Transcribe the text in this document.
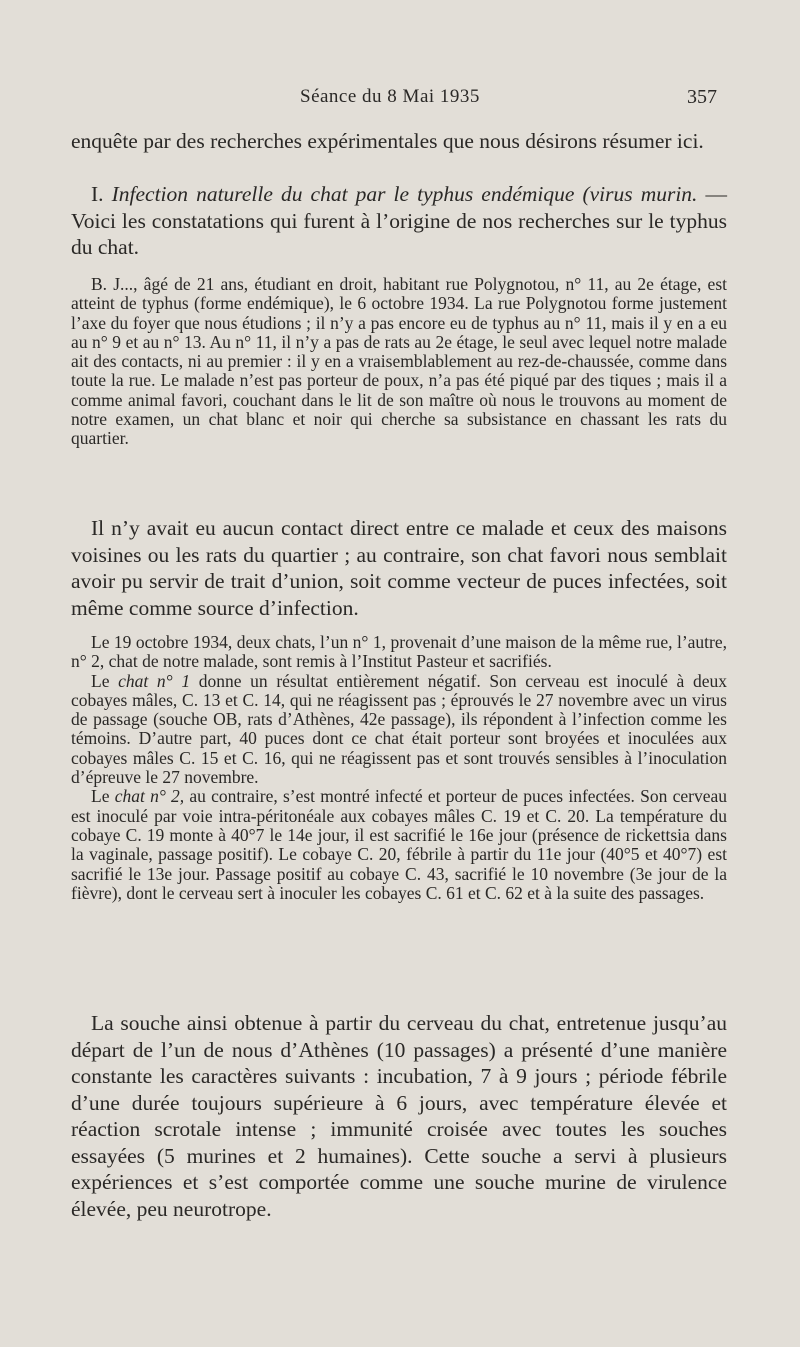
Séance du 8 Mai 1935	357

enquête par des recherches expérimentales que nous désirons résumer ici.

I. Infection naturelle du chat par le typhus endémique (virus murin. — Voici les constatations qui furent à l’origine de nos recherches sur le typhus du chat.

B. J..., âgé de 21 ans, étudiant en droit, habitant rue Polygnotou, n° 11, au 2e étage, est atteint de typhus (forme endémique), le 6 octobre 1934. La rue Polygnotou forme justement l’axe du foyer que nous étudions ; il n’y a pas encore eu de typhus au n° 11, mais il y en a eu au n° 9 et au n° 13. Au n° 11, il n’y a pas de rats au 2e étage, le seul avec lequel notre malade ait des contacts, ni au premier : il y en a vraisemblablement au rez-de-chaussée, comme dans toute la rue. Le malade n’est pas porteur de poux, n’a pas été piqué par des tiques ; mais il a comme animal favori, couchant dans le lit de son maître où nous le trouvons au moment de notre examen, un chat blanc et noir qui cherche sa subsistance en chassant les rats du quartier.

Il n’y avait eu aucun contact direct entre ce malade et ceux des maisons voisines ou les rats du quartier ; au contraire, son chat favori nous semblait avoir pu servir de trait d’union, soit comme vecteur de puces infectées, soit même comme source d’infection.

Le 19 octobre 1934, deux chats, l’un n° 1, provenait d’une maison de la même rue, l’autre, n° 2, chat de notre malade, sont remis à l’Institut Pasteur et sacrifiés.

Le chat n° 1 donne un résultat entièrement négatif. Son cerveau est inoculé à deux cobayes mâles, C. 13 et C. 14, qui ne réagissent pas ; éprouvés le 27 novembre avec un virus de passage (souche OB, rats d’Athènes, 42e passage), ils répondent à l’infection comme les témoins. D’autre part, 40 puces dont ce chat était porteur sont broyées et inoculées aux cobayes mâles C. 15 et C. 16, qui ne réagissent pas et sont trouvés sensibles à l’inoculation d’épreuve le 27 novembre.

Le chat n° 2, au contraire, s’est montré infecté et porteur de puces infectées. Son cerveau est inoculé par voie intra-péritonéale aux cobayes mâles C. 19 et C. 20. La température du cobaye C. 19 monte à 40°7 le 14e jour, il est sacrifié le 16e jour (présence de rickettsia dans la vaginale, passage positif). Le cobaye C. 20, fébrile à partir du 11e jour (40°5 et 40°7) est sacrifié le 13e jour. Passage positif au cobaye C. 43, sacrifié le 10 novembre (3e jour de la fièvre), dont le cerveau sert à inoculer les cobayes C. 61 et C. 62 et à la suite des passages.

La souche ainsi obtenue à partir du cerveau du chat, entretenue jusqu’au départ de l’un de nous d’Athènes (10 passages) a présenté d’une manière constante les caractères suivants : incubation, 7 à 9 jours ; période fébrile d’une durée toujours supérieure à 6 jours, avec température élevée et réaction scrotale intense ; immunité croisée avec toutes les souches essayées (5 murines et 2 humaines). Cette souche a servi à plusieurs expériences et s’est comportée comme une souche murine de virulence élevée, peu neurotrope.
